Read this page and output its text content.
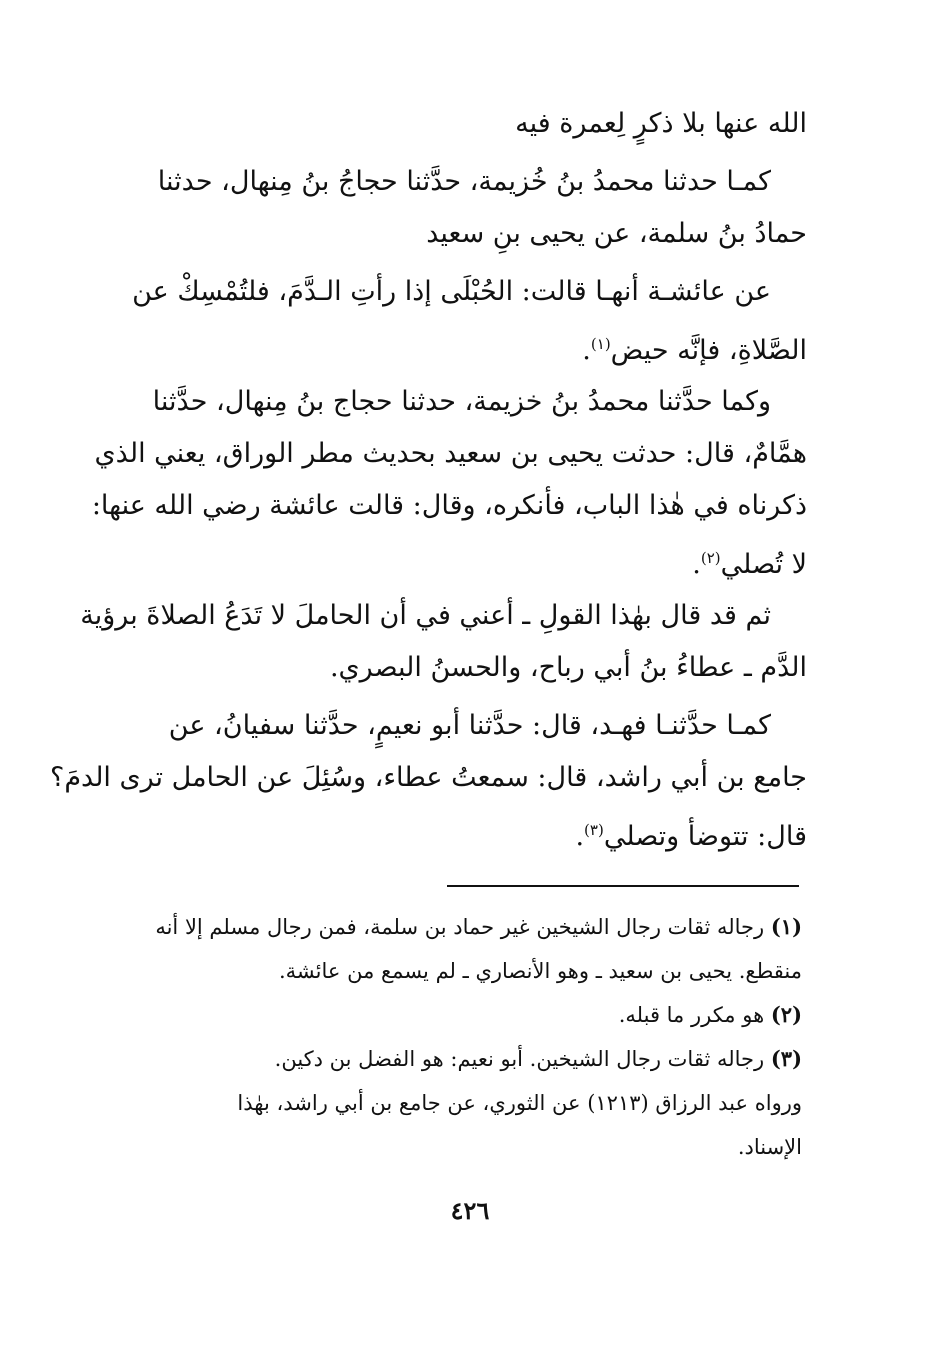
الله عنها بلا ذكرٍ لِعمرة فيه
كمـا حدثنا محمدُ بنُ خُزيمة، حدَّثنا حجاجُ بنُ مِنهال، حدثنا
حمادُ بنُ سلمة، عن يحيى بنِ سعيد
عن عائشـة أنهـا قالت: الحُبْلَى إذا رأتِ الـدَّمَ، فلتُمْسِكْ عن
الصَّلاةِ، فإنَّه حيض$^{(١)}$.
وكما حدَّثنا محمدُ بنُ خزيمة، حدثنا حجاج بنُ مِنهال، حدَّثنا
همَّامٌ، قال: حدثت يحيى بن سعيد بحديث مطر الوراق، يعني الذي
ذكرناه في هٰذا الباب، فأنكره، وقال: قالت عائشة رضي الله عنها:
لا تُصلي$^{(٢)}$.
ثم قد قال بهٰذا القولِ ـ أعني في أن الحاملَ لا تَدَعُ الصلاةَ برؤية
الدَّم ـ عطاءُ بنُ أبي رباح، والحسنُ البصري.
كمـا حدَّثنـا فهـد، قال: حدَّثنا أبو نعيمٍ، حدَّثنا سفيانُ، عن
جامع بن أبي راشد، قال: سمعتُ عطاء، وسُئِلَ عن الحامل ترى الدمَ؟
قال: تتوضأ وتصلي$^{(٣)}$.
(١) رجاله ثقات رجال الشيخين غير حماد بن سلمة، فمن رجال مسلم إلا أنه
منقطع. يحيى بن سعيد ـ وهو الأنصاري ـ لم يسمع من عائشة.
(٢) هو مكرر ما قبله.
(٣) رجاله ثقات رجال الشيخين. أبو نعيم: هو الفضل بن دكين.
ورواه عبد الرزاق (١٢١٣) عن الثوري، عن جامع بن أبي راشد، بهٰذا
الإسناد.
٤٢٦
